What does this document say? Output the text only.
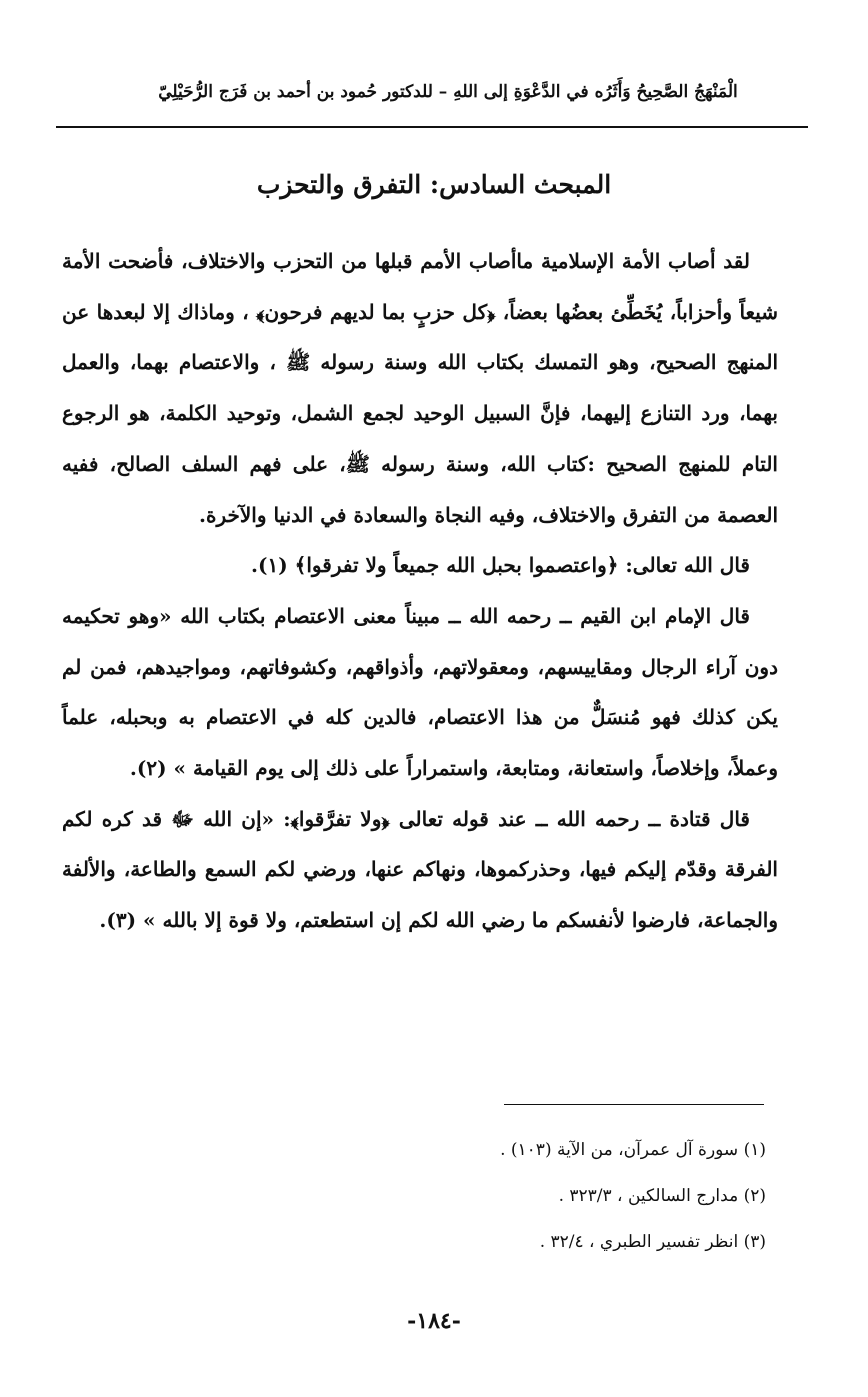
الْمَنْهَجُ الصَّحِيحُ وَأَثَرُه في الدَّعْوَةِ إلى اللهِ – للدكتور حُمود بن أحمد بن فَرَج الرُّحَيْلِيّ
المبحث السادس: التفرق والتحزب

لقد أصاب الأمة الإسلامية ماأصاب الأمم قبلها من التحزب والاختلاف، فأضحت الأمة شيعاً وأحزاباً، يُخَطِّئ بعضُها بعضاً، ﴿كل حزبٍ بما لديهم فرحون﴾ ، وماذاك إلا لبعدها عن المنهج الصحيح، وهو التمسك بكتاب الله وسنة رسوله ﷺ ، والاعتصام بهما، والعمل بهما، ورد التنازع إليهما، فإنَّ السبيل الوحيد لجمع الشمل، وتوحيد الكلمة، هو الرجوع التام للمنهج الصحيح :كتاب الله، وسنة رسوله ﷺ، على فهم السلف الصالح، ففيه العصمة من التفرق والاختلاف، وفيه النجاة والسعادة في الدنيا والآخرة.

قال الله تعالى: ﴿واعتصموا بحبل الله جميعاً ولا تفرقوا﴾ (١).

قال الإمام ابن القيم ــ رحمه الله ــ مبيناً معنى الاعتصام بكتاب الله «وهو تحكيمه دون آراء الرجال ومقاييسهم، ومعقولاتهم، وأذواقهم، وكشوفاتهم، ومواجيدهم، فمن لم يكن كذلك فهو مُنسَلٌّ من هذا الاعتصام، فالدين كله في الاعتصام به وبحبله، علماً وعملاً، وإخلاصاً، واستعانة، ومتابعة، واستمراراً على ذلك إلى يوم القيامة » (٢).

قال قتادة ــ رحمه الله ــ عند قوله تعالى ﴿ولا تفرَّقوا﴾: «إن الله ﷻ قد كره لكم الفرقة وقدّم إليكم فيها، وحذركموها، ونهاكم عنها، ورضي لكم السمع والطاعة، والألفة والجماعة، فارضوا لأنفسكم ما رضي الله لكم إن استطعتم، ولا قوة إلا بالله » (٣).

(١) سورة آل عمرآن، من الآية (١٠٣) .
(٢) مدارج السالكين ، ٣٢٣/٣ .
(٣) انظر تفسير الطبري ، ٣٢/٤ .
-١٨٤-
